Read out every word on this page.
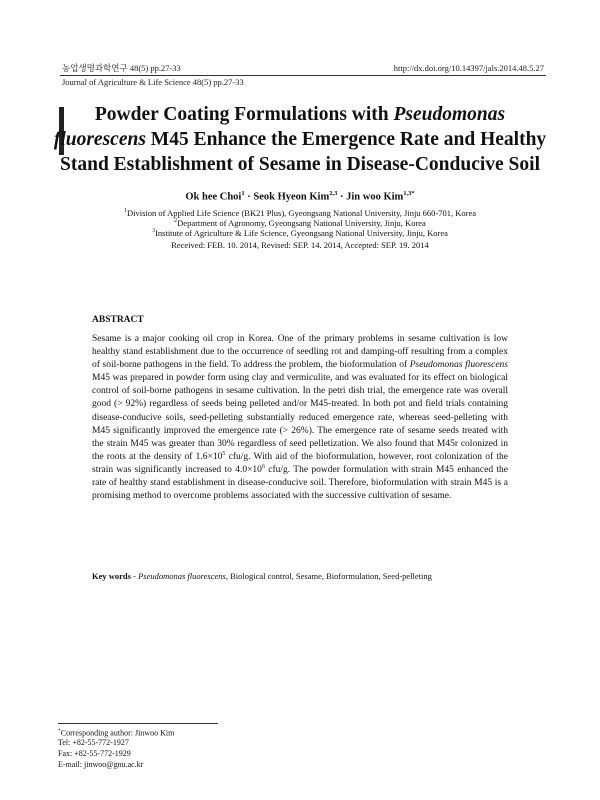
농업생명과학연구 48(5) pp.27-33	http://dx.doi.org/10.14397/jals.2014.48.5.27
Journal of Agriculture & Life Science 48(5) pp.27-33
Powder Coating Formulations with Pseudomonas
fluorescens M45 Enhance the Emergence Rate and Healthy
Stand Establishment of Sesame in Disease-Conducive Soil
Ok hee Choi$^1$ · Seok Hyeon Kim$^{2,3}$ · Jin woo Kim$^{1,3*}$
$^1$Division of Applied Life Science (BK21 Plus), Gyeongsang National University, Jinju 660-701, Korea
$^2$Department of Agronomy, Gyeongsang National University, Jinju, Korea
$^3$Institute of Agriculture & Life Science, Gyeongsang National University, Jinju, Korea
Received: FEB. 10. 2014, Revised: SEP. 14. 2014, Accepted: SEP. 19. 2014
ABSTRACT
Sesame is a major cooking oil crop in Korea. One of the primary problems in sesame cultivation is low healthy stand establishment due to the occurrence of seedling rot and damping-off resulting from a complex of soil-borne pathogens in the field. To address the problem, the bioformulation of Pseudomonas fluorescens M45 was prepared in powder form using clay and vermiculite, and was evaluated for its effect on biological control of soil-borne pathogens in sesame cultivation. In the petri dish trial, the emergence rate was overall good (> 92%) regardless of seeds being pelleted and/or M45-treated. In both pot and field trials containing disease-conducive soils, seed-pelleting substantially reduced emergence rate, whereas seed-pelleting with M45 significantly improved the emergence rate (> 26%). The emergence rate of sesame seeds treated with the strain M45 was greater than 30% regardless of seed pelletization. We also found that M45r colonized in the roots at the density of $1.6\times 10^5$ cfu/g. With aid of the bioformulation, however, root colonization of the strain was significantly increased to $4.0\times 10^6$ cfu/g. The powder formulation with strain M45 enhanced the rate of healthy stand establishment in disease-conducive soil. Therefore, bioformulation with strain M45 is a promising method to overcome problems associated with the successive cultivation of sesame.
Key words - Pseudomonas fluorescens, Biological control, Sesame, Bioformulation, Seed-pelleting
*Corresponding author: Jinwoo Kim
Tel: +82-55-772-1927
Fax: +82-55-772-1929
E-mail: jinwoo@gnu.ac.kr
